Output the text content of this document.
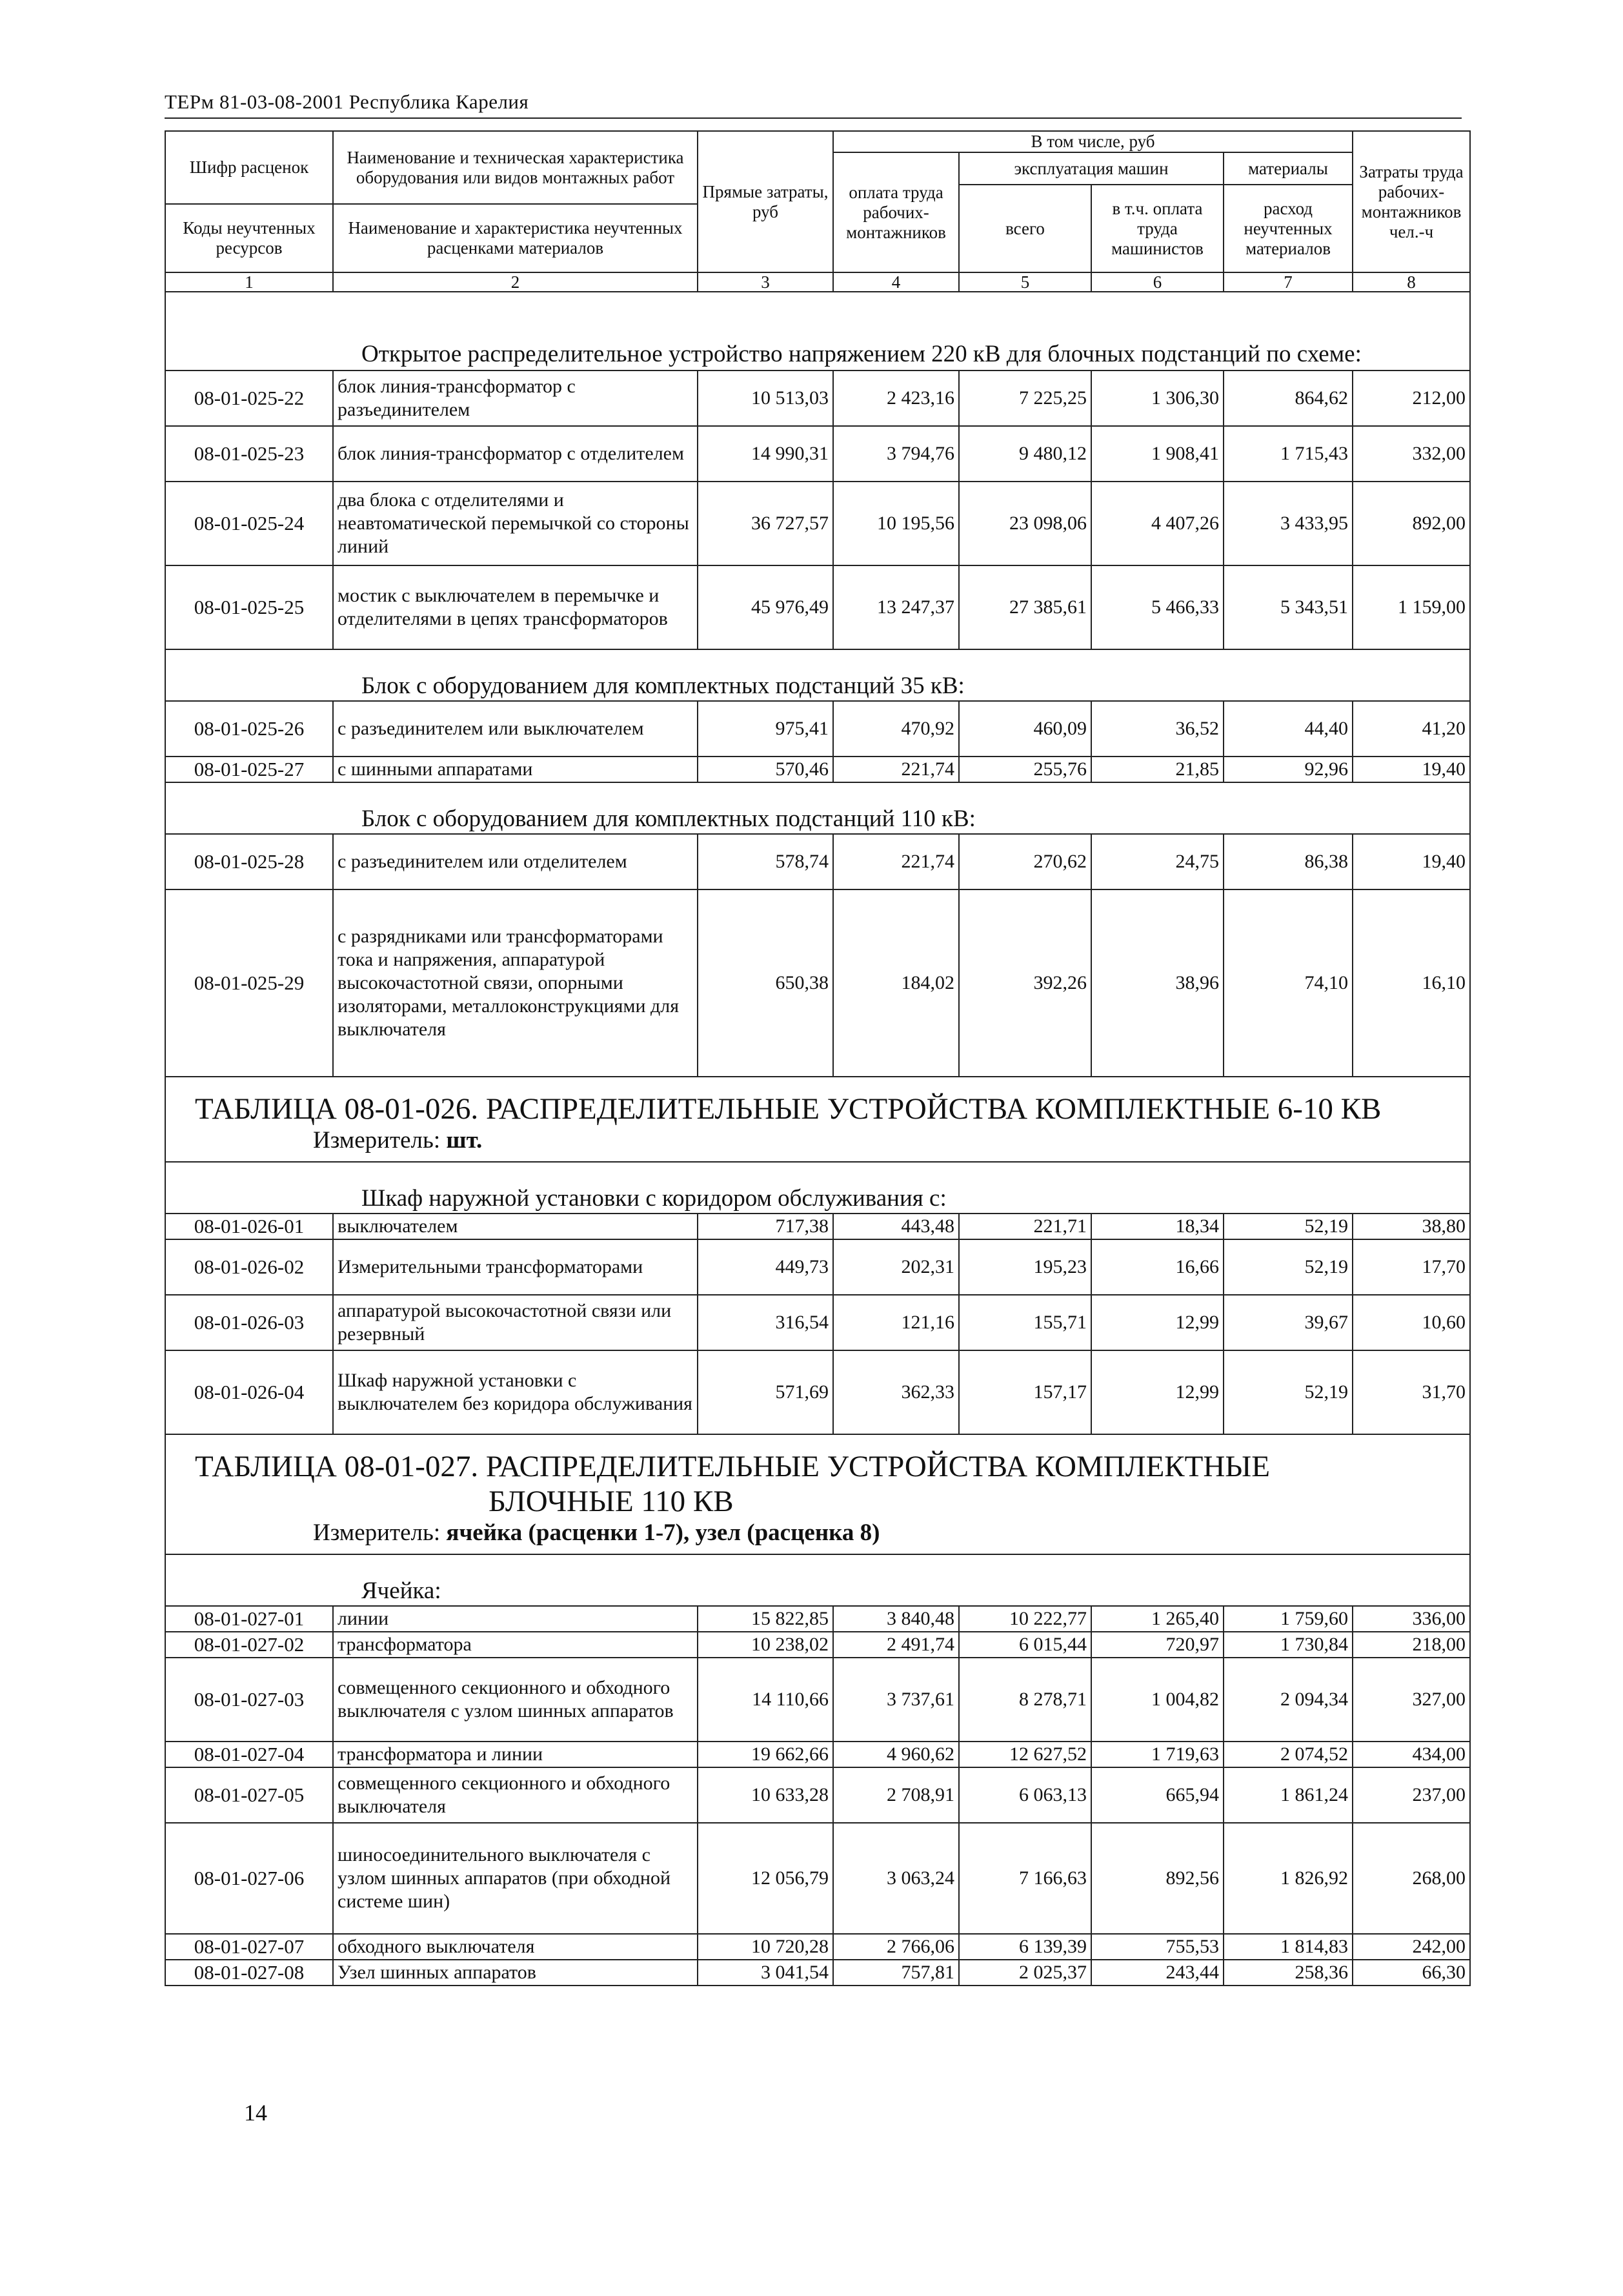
ТЕРм 81-03-08-2001 Республика Карелия
Шифр расценок	Наименование и техническая характеристика оборудования или видов монтажных работ	Прямые затраты, руб	В том числе, руб				Затраты труда рабочих-монтажников чел.-ч
			оплата труда рабочих-монтажников	эксплуатация машин		материалы	
				всего	в т.ч. оплата труда машинистов	расход неучтенных материалов	
Коды неучтенных ресурсов	Наименование и характеристика неучтенных расценками материалов						

1	2	3	4	5	6	7	8
Открытое распределительное устройство напряжением 220 кВ для блочных подстанций по схеме:							
08-01-025-22	блок линия-трансформатор с разъединителем	10 513,03	2 423,16	7 225,25	1 306,30	864,62	212,00
08-01-025-23	блок линия-трансформатор с отделителем	14 990,31	3 794,76	9 480,12	1 908,41	1 715,43	332,00
08-01-025-24	два блока с отделителями и неавтоматической перемычкой со стороны линий	36 727,57	10 195,56	23 098,06	4 407,26	3 433,95	892,00
08-01-025-25	мостик с выключателем в перемычке и отделителями в цепях трансформаторов	45 976,49	13 247,37	27 385,61	5 466,33	5 343,51	1 159,00
Блок с оборудованием для комплектных подстанций 35 кВ:							
08-01-025-26	с разъединителем или выключателем	975,41	470,92	460,09	36,52	44,40	41,20
08-01-025-27	с шинными аппаратами	570,46	221,74	255,76	21,85	92,96	19,40
Блок с оборудованием для комплектных подстанций 110 кВ:							
08-01-025-28	с разъединителем или отделителем	578,74	221,74	270,62	24,75	86,38	19,40
08-01-025-29	с разрядниками или трансформаторами тока и напряжения, аппаратурой высокочастотной связи, опорными изоляторами, металлоконструкциями для выключателя	650,38	184,02	392,26	38,96	74,10	16,10
ТАБЛИЦА 08-01-026. РАСПРЕДЕЛИТЕЛЬНЫЕ УСТРОЙСТВА КОМПЛЕКТНЫЕ 6-10 КВ							
Измеритель: шт.							
Шкаф наружной установки с коридором обслуживания с:							
08-01-026-01	выключателем	717,38	443,48	221,71	18,34	52,19	38,80
08-01-026-02	Измерительными трансформаторами	449,73	202,31	195,23	16,66	52,19	17,70
08-01-026-03	аппаратурой высокочастотной связи или резервный	316,54	121,16	155,71	12,99	39,67	10,60
08-01-026-04	Шкаф наружной установки с выключателем без коридора обслуживания	571,69	362,33	157,17	12,99	52,19	31,70
ТАБЛИЦА 08-01-027. РАСПРЕДЕЛИТЕЛЬНЫЕ УСТРОЙСТВА КОМПЛЕКТНЫЕ							
БЛОЧНЫЕ 110 КВ							
Измеритель: ячейка (расценки 1-7), узел (расценка 8)							
Ячейка:							
08-01-027-01	линии	15 822,85	3 840,48	10 222,77	1 265,40	1 759,60	336,00
08-01-027-02	трансформатора	10 238,02	2 491,74	6 015,44	720,97	1 730,84	218,00
08-01-027-03	совмещенного секционного и обходного выключателя с узлом шинных аппаратов	14 110,66	3 737,61	8 278,71	1 004,82	2 094,34	327,00
08-01-027-04	трансформатора и линии	19 662,66	4 960,62	12 627,52	1 719,63	2 074,52	434,00
08-01-027-05	совмещенного секционного и обходного выключателя	10 633,28	2 708,91	6 063,13	665,94	1 861,24	237,00
08-01-027-06	шиносоединительного выключателя с узлом шинных аппаратов (при обходной системе шин)	12 056,79	3 063,24	7 166,63	892,56	1 826,92	268,00
08-01-027-07	обходного выключателя	10 720,28	2 766,06	6 139,39	755,53	1 814,83	242,00
08-01-027-08	Узел шинных аппаратов	3 041,54	757,81	2 025,37	243,44	258,36	66,30
14
